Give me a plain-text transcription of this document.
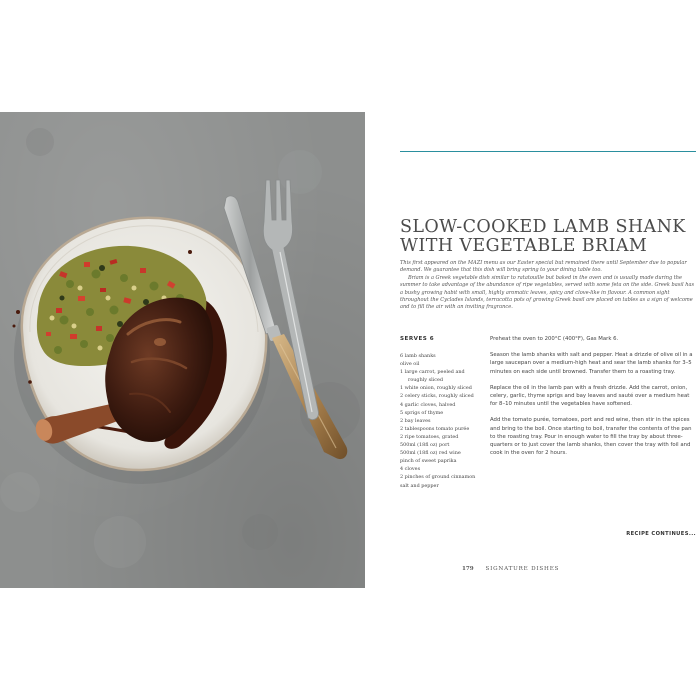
SLOW-COOKED LAMB SHANK
WITH VEGETABLE BRIAM

This first appeared on the MAZI menu as our Easter special but remained there until September due to popular demand. We guarantee that this dish will bring spring to your dining table too.

Briam is a Greek vegetable dish similar to ratatouille but baked in the oven and is usually made during the summer to take advantage of the abundance of ripe vegetables, served with some feta on the side. Greek basil has a bushy growing habit with small, highly aromatic leaves, spicy and clove-like in flavour. A common sight throughout the Cyclades Islands, terracotta pots of growing Greek basil are placed on tables as a sign of welcome and to fill the air with an inviting fragrance.

SERVES 6
6 lamb shanks
olive oil
1 large carrot, peeled and
roughly sliced
1 white onion, roughly sliced
2 celery sticks, roughly sliced
4 garlic cloves, halved
5 sprigs of thyme
2 bay leaves
2 tablespoons tomato purée
2 ripe tomatoes, grated
500ml (18fl oz) port
500ml (18fl oz) red wine
pinch of sweet paprika
4 cloves
2 pinches of ground cinnamon
salt and pepper

Preheat the oven to 200°C (400°F), Gas Mark 6.

Season the lamb shanks with salt and pepper. Heat a drizzle of olive oil in a large saucepan over a medium-high heat and sear the lamb shanks for 3–5 minutes on each side until browned. Transfer them to a roasting tray.

Replace the oil in the lamb pan with a fresh drizzle. Add the carrot, onion, celery, garlic, thyme sprigs and bay leaves and sauté over a medium heat for 8–10 minutes until the vegetables have softened.

Add the tomato purée, tomatoes, port and red wine, then stir in the spices and bring to the boil. Once starting to boil, transfer the contents of the pan to the roasting tray. Pour in enough water to fill the tray by about three-quarters or to just cover the lamb shanks, then cover the tray with foil and cook in the oven for 2 hours.

RECIPE CONTINUES...
179 SIGNATURE DISHES
